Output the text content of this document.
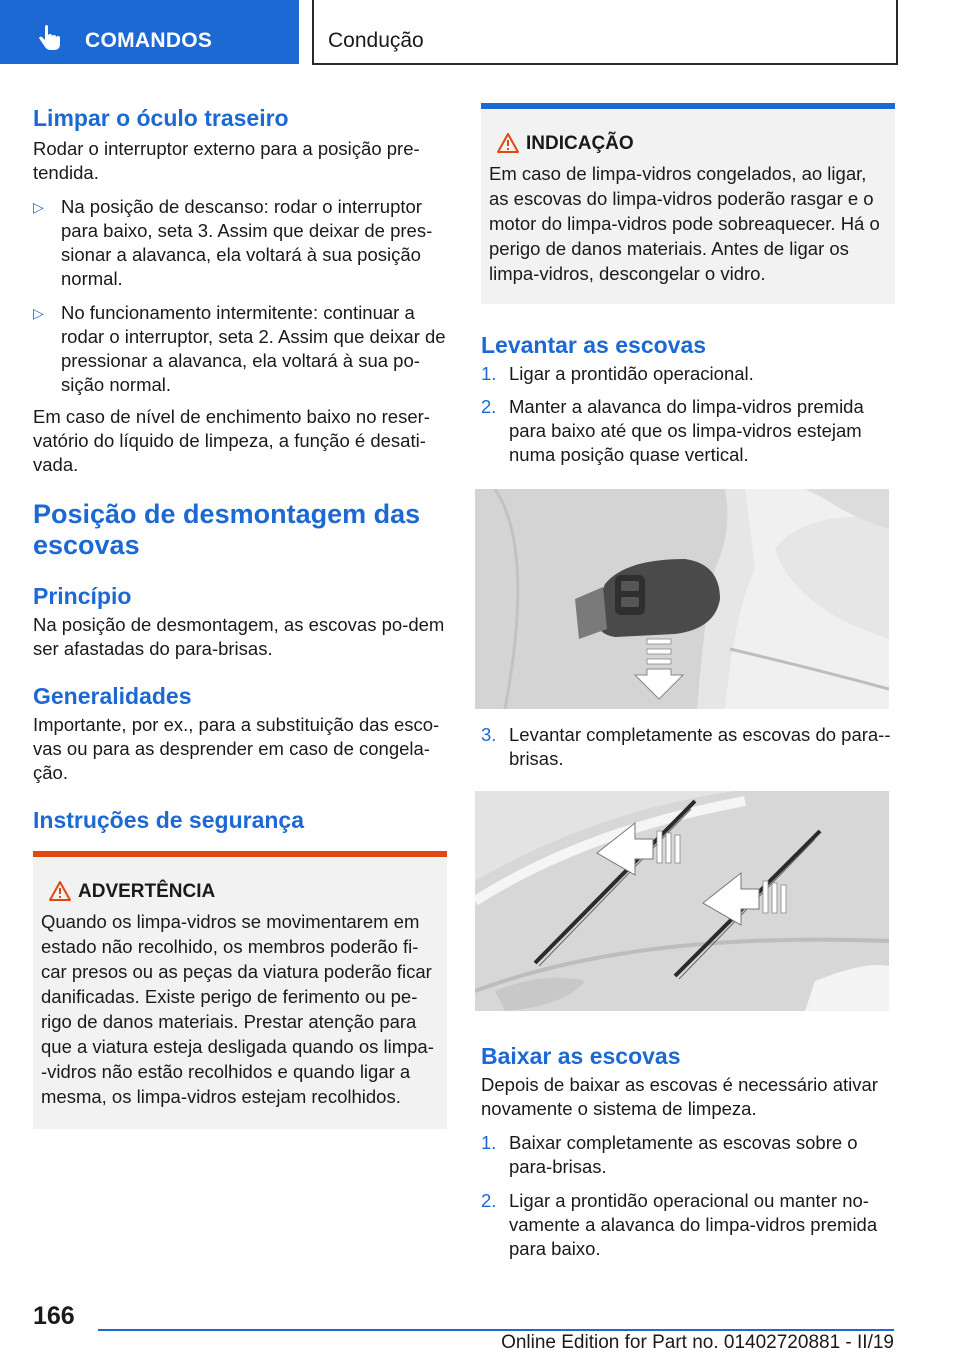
COMANDOS	Condução
Limpar o óculo traseiro

Rodar o interruptor externo para a posição pre-tendida.

▷ Na posição de descanso: rodar o interruptor para baixo, seta 3. Assim que deixar de pres-sionar a alavanca, ela voltará à sua posição normal.
▷ No funcionamento intermitente: continuar a rodar o interruptor, seta 2. Assim que deixar de pressionar a alavanca, ela voltará à sua po-sição normal.

Em caso de nível de enchimento baixo no reser-vatório do líquido de limpeza, a função é desati-vada.

Posição de desmontagem das escovas
Princípio

Na posição de desmontagem, as escovas po-dem ser afastadas do para-brisas.

Generalidades

Importante, por ex., para a substituição das esco-vas ou para as desprender em caso de congela-ção.

Instruções de segurança
ADVERTÊNCIA
Quando os limpa-vidros se movimentarem em estado não recolhido, os membros poderão fi-car presos ou as peças da viatura poderão ficar danificadas. Existe perigo de ferimento ou pe-rigo de danos materiais. Prestar atenção para que a viatura esteja desligada quando os limpa--vidros não estão recolhidos e quando ligar a mesma, os limpa-vidros estejam recolhidos.
INDICAÇÃO
Em caso de limpa-vidros congelados, ao ligar, as escovas do limpa-vidros poderão rasgar e o motor do limpa-vidros pode sobreaquecer. Há o perigo de danos materiais. Antes de ligar os limpa-vidros, descongelar o vidro.
Levantar as escovas
1. Ligar a prontidão operacional.
2. Manter a alavanca do limpa-vidros premida para baixo até que os limpa-vidros estejam numa posição quase vertical.
3. Levantar completamente as escovas do para--brisas.
Baixar as escovas

Depois de baixar as escovas é necessário ativar novamente o sistema de limpeza.

1. Baixar completamente as escovas sobre o para-brisas.
2. Ligar a prontidão operacional ou manter no-vamente a alavanca do limpa-vidros premida para baixo.
166
Online Edition for Part no. 01402720881 - II/19
